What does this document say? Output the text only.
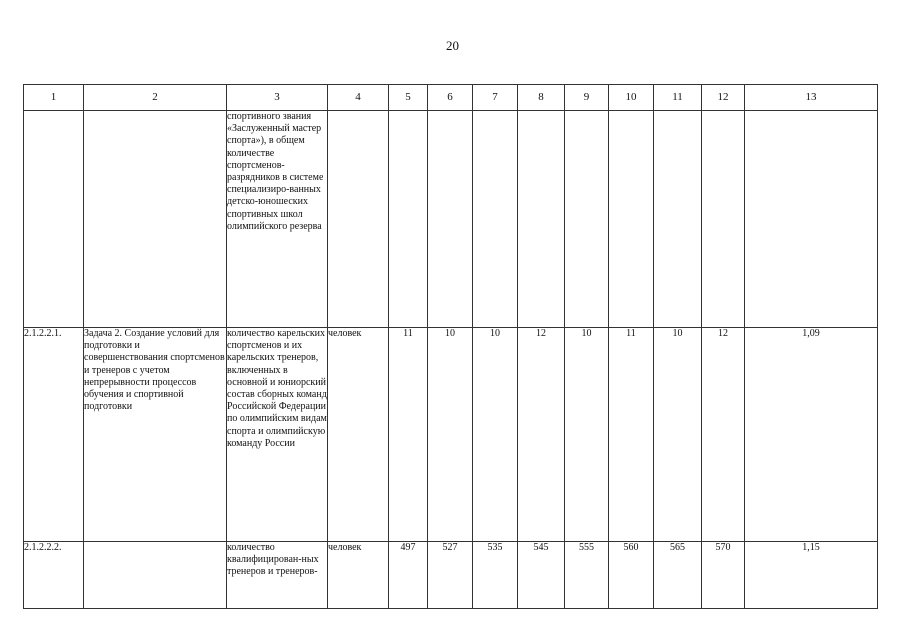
20
1	2	3	4	5	6	7	8	9	10	11	12	13
		спортивного звания «Заслуженный мастер спорта»), в общем количестве спортсменов-разрядников в системе специализиро-ванных детско-юношеских спортивных школ олимпийского резерва										
2.1.2.2.1.	Задача 2. Создание условий для подготовки и совершенствования спортсменов и тренеров с учетом непрерывности процессов обучения и спортивной подготовки	количество карельских спортсменов и их карельских тренеров, включенных в основной и юниорский состав сборных команд Российской Федерации по олимпийским видам спорта и олимпийскую команду России	человек	11	10	10	12	10	11	10	12	1,09
2.1.2.2.2.		количество квалифицирован-ных тренеров и тренеров-	человек	497	527	535	545	555	560	565	570	1,15
